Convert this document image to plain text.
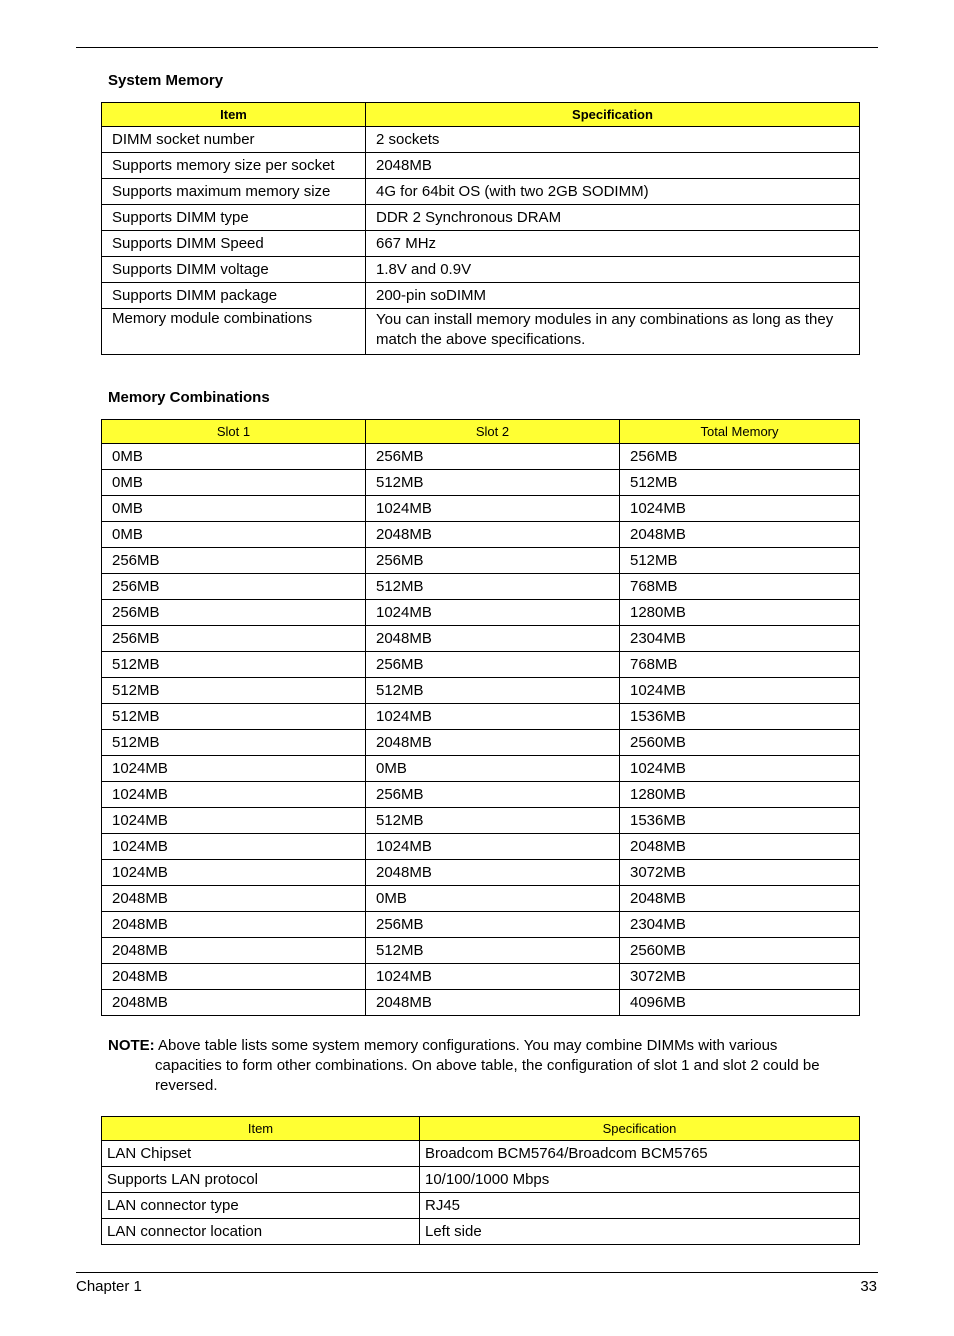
System Memory
Item	Specification
DIMM socket number	2 sockets
Supports memory size per socket	2048MB
Supports maximum memory size	4G for 64bit OS (with two 2GB SODIMM)
Supports DIMM type	DDR 2 Synchronous DRAM
Supports DIMM Speed	667 MHz
Supports DIMM voltage	1.8V and 0.9V
Supports DIMM package	200-pin soDIMM
Memory module combinations	You can install memory modules in any combinations as long as they match the above specifications.
Memory Combinations
Slot 1	Slot 2	Total Memory
0MB	256MB	256MB
0MB	512MB	512MB
0MB	1024MB	1024MB
0MB	2048MB	2048MB
256MB	256MB	512MB
256MB	512MB	768MB
256MB	1024MB	1280MB
256MB	2048MB	2304MB
512MB	256MB	768MB
512MB	512MB	1024MB
512MB	1024MB	1536MB
512MB	2048MB	2560MB
1024MB	0MB	1024MB
1024MB	256MB	1280MB
1024MB	512MB	1536MB
1024MB	1024MB	2048MB
1024MB	2048MB	3072MB
2048MB	0MB	2048MB
2048MB	256MB	2304MB
2048MB	512MB	2560MB
2048MB	1024MB	3072MB
2048MB	2048MB	4096MB
NOTE: Above table lists some system memory configurations. You may combine DIMMs with various
capacities to form other combinations. On above table, the configuration of slot 1 and slot 2 could be reversed.
Item	Specification
LAN Chipset	Broadcom BCM5764/Broadcom BCM5765
Supports LAN protocol	10/100/1000 Mbps
LAN connector type	RJ45
LAN connector location	Left side
Chapter 1	33
